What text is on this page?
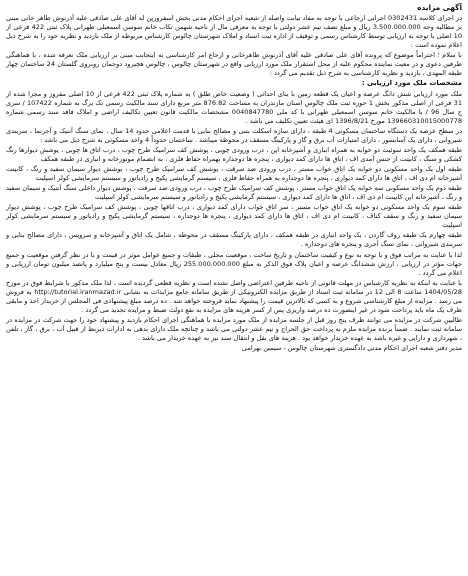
آگهی مزایده

در اجرای کلاسه 0302431 اجرایی ارجاعی با توجه به مفاد نیابت واصله از شعبه اجرای احکام مدنی بخش اسفرورین له آقای علی صادقی علیه آذرنوش طاهر خانی مبنی بر مطالبه وجه 3.500.000.000 ریال و مبلغ نصف نیم عشر دولتی با توجه به معرفی مال از ناحیه شهمن تکاب خانم سوسن اسمعیلی طهرانی پلاک ثبتی 422 فرعی از 10 اصلی با توجه به ارزیابی توسط کارشناس رسمی و توقیف از اداره ثبت اسناد و املاک شهرستان چالوس کارشناس مربوطه از ملک بازدید و نظریه خود را به شرح ذیل اعلام نموده است :

با سلام ؛ احتراماً موضوع که پرونده آقای علی صادقی علیه آقای آذرنوش طاهرخانی و ارجاع امر کارشناسی به اینجانب مبنی بر ارزیابی ملک نعرفه شده ، با هماهنگی طرفین دعوی و در معیت نماینده محکوم علیه از محل استقرار ملک مورد ارزیابی واقع در شهرستان چالوس ، چالوس هچیرود دوجمان روبروی گلستان 24 ساختمان چهار طبقه المهدی ، بازدید و نظریه کارشناسی به شرح ذیل تقدیم می گردد :

مشخصات ملک مورد ارزیابی :

ملک مورد ارزیابی شش دانگ عرصه و اعیان یک قطعه زمین با بنای احداثی ( وضعیت خاص طلق ) به شماره پلاک ثبتی 422 فرعی از 10 اصلی مفروز و مجزا شده از 31 فرعی از اصلی مذکور بخش 1 حوزه ثبت ملک چالوس استان مازندران به مساحت 876.82 متر مربع دارای سند مالکیت رسمی تک برگ به شماره 107422 / سری ج سال 96 / با مالکیت خانم سوسن اسمعیلی طهرانی با کد ملی 0040847780 مشخصات مالکیت قانون تعیین تکالیف اراضی و املاک فاقد سند رسمی شماره 139660310015000778 مورخ 1396/8/21 ای هیئت تعیین تکلیف می باشد .

در سطح عرصه یک دستگاه ساختمان مسکونی 4 طبقه ، دارای سازه اسکلت بتنی و مصالح بنایی با قدمت اعلامی حدود 14 سال ، نمای سنگ آنتیک و آجرنما ، سربندی شیروانی ، دارای یک آسانسور ، دارای امتیازات آب برق و گاز و پارکینگ مسقف در محوطه میباشد . ساختمان حدوداً 4 واحد مسکونی به شرح ذیل می باشد :

طبقه همکف یک واحد سوئیت دو خوابه به همراه انباری و آشپزخانه اپن ، درب ورودی چوبی ، پوشش کف سرامیک طرح چوب ، درب اتاق ها چوبی ، پوشش دیوارها رنگ کشکی و سنگ ، کابینت از جنس آمدی اف ، اتاق ها دارای کمد دیواری ، پنجره ها دوجداره بهمراه حفاظ فلزی ، به انضمام موتورخانه و انباری در طبقه همکف

طبقه اول یک واحد مسکونی دو خوابه یک اتاق خواب مستر ، درب ورودی ضد سرقت ، پوشش کف سرامیک طرح چوب ، پوشش دیوار سیمان سفید و رنگ ، کابینت آشپزخانه ام دی اف ، اتاق ها دارای کمد دیواری ، پنجره ها دوجداره به همراه حفاظ فلزی ، سیستم گرمایشی پکیج و رادیاتور و سیستم سرمایشی کولر اسپلیت

طبقه دوم یک واحد مسکونی سه خوابه یک اتاق خواب مستر ، پوشش کف سرامیک طرح چوب ، درب ورودی ضد سرقت ، پوشش دیوار داخلی سنگ آنتیک و سیمان سفید و رنگ ، آشپزخانه اپن کابینت ام دی اف ، اتاق ها دارای کمد دیواری ، سیستم گرمایشی پکیج و رادیاتور و سیستم سرمایشی کولر اسپلیت

طبقه سوم یک واحد مسکونی دو خوابه یک اتاق خواب مستر ، سر اتاق خواب دارای کمد دیواری ، درب اتاقها چوبی ، پوشش کف سرامیک طرح چوب ، پوشش دیوار سیمان سفید و رنگ و سقف کناف ، کابینت ام دی اف ، اتاق ها دارای کمد دیواری ، پنجره ها دوجداره ، سیستم گرمایشی پکیج و رادیاتور و سیستم سرمایشی کولر اسپلیت

طبقه چهارم یک طبقه روف گاردن ، یک واحد انباری در طبقه همکف ، دارای پارکینگ مسقف در محوطه ، شامل یک اتاق و آشپزخانه و سرویس ، دارای مصالح بنایی و سربندی شیروانی ، نمای سنگ آجری و پنجره های دوجداره .

لذا با عنایت به مراتب فوق و با توجه به نوع و کیفیت ساختمان و تاریخ ساخت ، موقعیت محلی ، طبقات و جمیع عوامل موثر در قیمت و با در نظر گرفتن موقعیت و جمیع جهات مؤثر در ارزیابی ، ارزش ششدانگ عرصه و اعیان پلاک فوق الذکر به مبلغ 255.000.000.000 ریال معادل بیست و پنج میلیارد و پانصد میلیون تومان ارزیابی و اعلام می گردد .

با عنایت به اینکه به نظریه کارشناس در مهلت قانونی از ناحیه طرفین اعتراضی واصل نشده است و نظریه قطعی گردیده است ، لذا ملک مذکور با شرایط فوق در مورخ 1404/05/28 ساعت 8 الی 12 در سامانه ثبت اسناد از طریق مزایده الکترونیکی از طریق سامانه جامع مزایدات به نشانی http://tutorial.iranmazad.ir به فروش می رسد . مزایده از مبلغ کارشناسی شروع و به کسی که بالاترین قیمت را پیشنهاد نماید فروخته خواهد شد . ده درصد مبلغ پیشنهادی فی المجلس از خریدار اخذ و مابقی ظرف یک ماه باید پرداخت شود در غیر اینصورت ده درصد واریزی پس از کسر هزینه های مزایده به نفع دولت ضبط و مزایده تجدید می گردد .

طالبین شرکت در مزایده می توانند ظرف پنج روز قبل از جلسه مزایده از ملک مورد مزایده با هماهنگی اجرای احکام بازدید و پیشنهاد خود را جهت شرکت در مزایده در سامانه ثبت نمایند . ضمناً برنده مزایده ملزم به پرداخت حق الحراج و نیم عشر دولتی می باشد و چنانچه ملک دارای بدهی به ادارات ذیربط از قبیل آب ، برق ، گاز ، تلفن ، شهرداری و دارایی و غیره باشد به عهده خریدار خواهد بود . هزینه های نقل و انتقال سند نیز به عهده خریدار می باشد .

مدیر دفتر شعبه اجرای احکام مدنی دادگستری شهرستان چالوس - سیمین بهرامی
